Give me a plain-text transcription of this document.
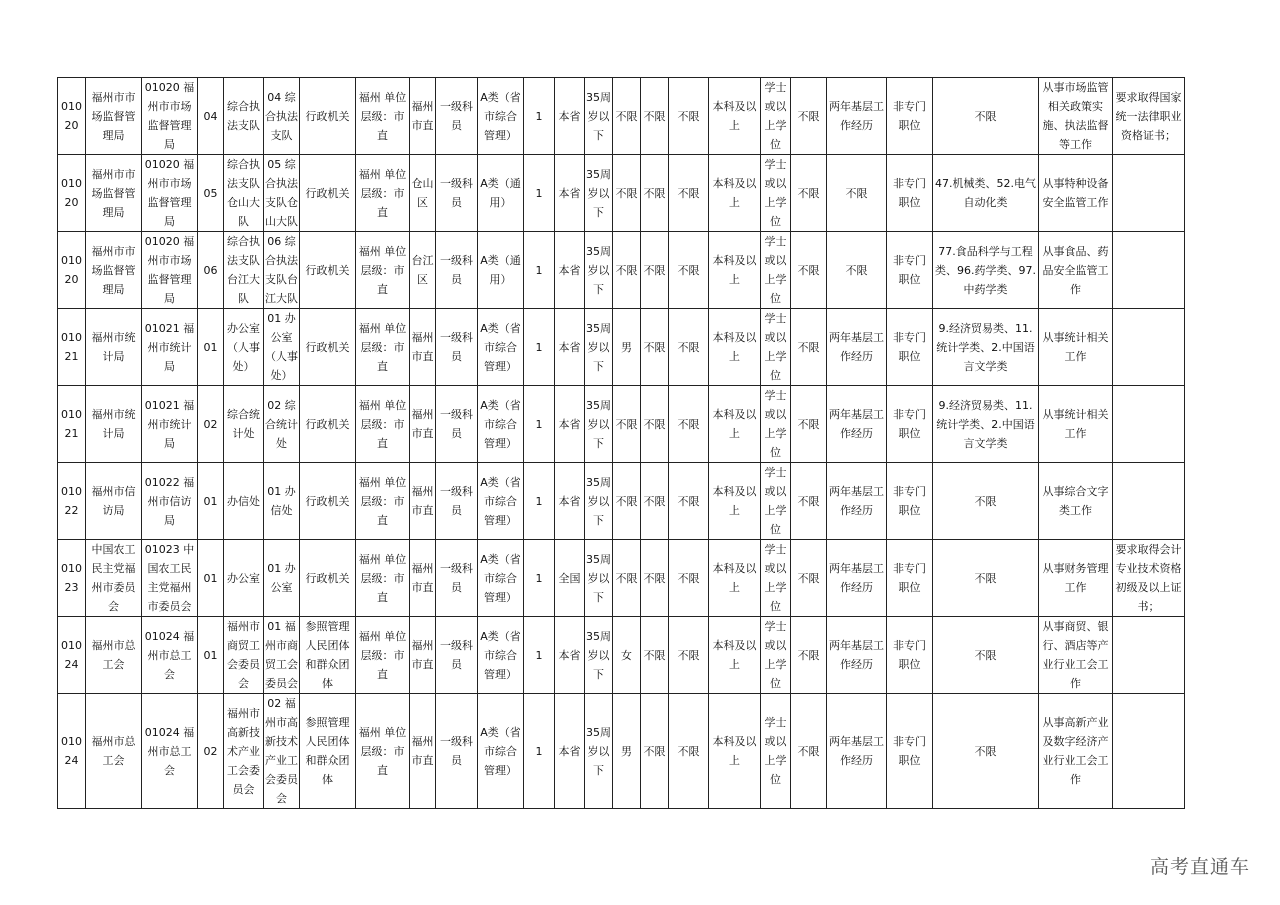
01020	福州市市场监督管理局	01020 福州市市场监督管理局	04	综合执法支队	04 综合执法支队	行政机关	福州 单位层级：市直	福州市直	一级科员	A类（省市综合管理）	1	本省	35周岁以下	不限	不限	不限	本科及以上	学士或以上学位	不限	两年基层工作经历	非专门职位	不限	从事市场监管相关政策实施、执法监督等工作	要求取得国家统一法律职业资格证书；
01020	福州市市场监督管理局	01020 福州市市场监督管理局	05	综合执法支队仓山大队	05 综合执法支队仓山大队	行政机关	福州 单位层级：市直	仓山区	一级科员	A类（通用）	1	本省	35周岁以下	不限	不限	不限	本科及以上	学士或以上学位	不限	不限	非专门职位	47.机械类、52.电气自动化类	从事特种设备安全监管工作	
01020	福州市市场监督管理局	01020 福州市市场监督管理局	06	综合执法支队台江大队	06 综合执法支队台江大队	行政机关	福州 单位层级：市直	台江区	一级科员	A类（通用）	1	本省	35周岁以下	不限	不限	不限	本科及以上	学士或以上学位	不限	不限	非专门职位	77.食品科学与工程类、96.药学类、97.中药学类	从事食品、药品安全监管工作	
01021	福州市统计局	01021 福州市统计局	01	办公室（人事处）	01 办公室（人事处）	行政机关	福州 单位层级：市直	福州市直	一级科员	A类（省市综合管理）	1	本省	35周岁以下	男	不限	不限	本科及以上	学士或以上学位	不限	两年基层工作经历	非专门职位	9.经济贸易类、11.统计学类、2.中国语言文学类	从事统计相关工作	
01021	福州市统计局	01021 福州市统计局	02	综合统计处	02 综合统计处	行政机关	福州 单位层级：市直	福州市直	一级科员	A类（省市综合管理）	1	本省	35周岁以下	不限	不限	不限	本科及以上	学士或以上学位	不限	两年基层工作经历	非专门职位	9.经济贸易类、11.统计学类、2.中国语言文学类	从事统计相关工作	
01022	福州市信访局	01022 福州市信访局	01	办信处	01 办信处	行政机关	福州 单位层级：市直	福州市直	一级科员	A类（省市综合管理）	1	本省	35周岁以下	不限	不限	不限	本科及以上	学士或以上学位	不限	两年基层工作经历	非专门职位	不限	从事综合文字类工作	
01023	中国农工民主党福州市委员会	01023 中国农工民主党福州市委员会	01	办公室	01 办公室	行政机关	福州 单位层级：市直	福州市直	一级科员	A类（省市综合管理）	1	全国	35周岁以下	不限	不限	不限	本科及以上	学士或以上学位	不限	两年基层工作经历	非专门职位	不限	从事财务管理工作	要求取得会计专业技术资格初级及以上证书；
01024	福州市总工会	01024 福州市总工会	01	福州市商贸工会委员会	01 福州市商贸工会委员会	参照管理人民团体和群众团体	福州 单位层级：市直	福州市直	一级科员	A类（省市综合管理）	1	本省	35周岁以下	女	不限	不限	本科及以上	学士或以上学位	不限	两年基层工作经历	非专门职位	不限	从事商贸、银行、酒店等产业行业工会工作	
01024	福州市总工会	01024 福州市总工会	02	福州市高新技术产业工会委员会	02 福州市高新技术产业工会委员会	参照管理人民团体和群众团体	福州 单位层级：市直	福州市直	一级科员	A类（省市综合管理）	1	本省	35周岁以下	男	不限	不限	本科及以上	学士或以上学位	不限	两年基层工作经历	非专门职位	不限	从事高新产业及数字经济产业行业工会工作	
高考直通车
